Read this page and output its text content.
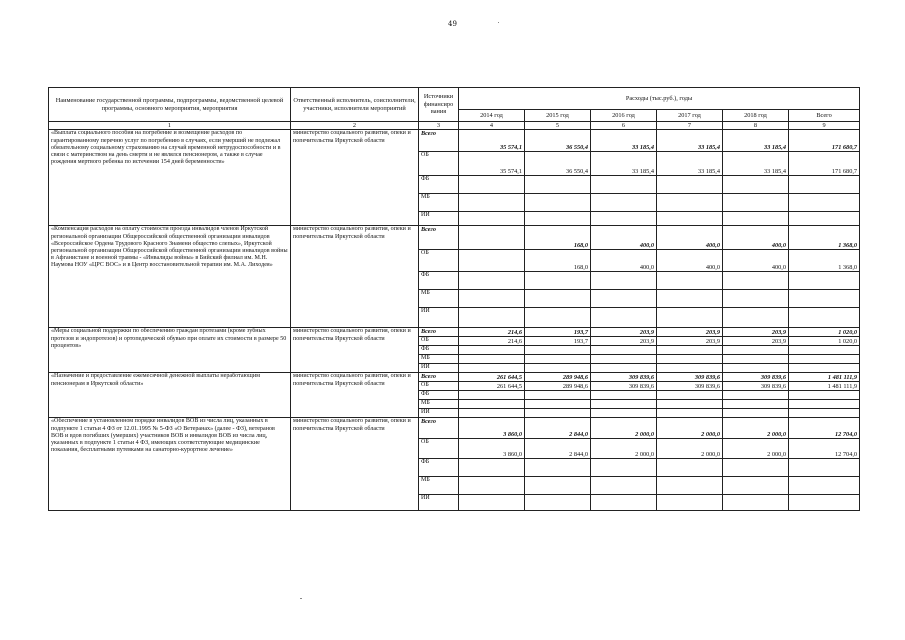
49
Наименование государственной программы, подпрограммы, ведомственной целевой программы, основного мероприятия, мероприятия	Ответственный исполнитель, соисполнители, участники, исполнители мероприятий	Источники финансиро вания	Расходы (тыс.руб.), годы					
			2014 год	2015 год	2016 год	2017 год	2018 год	Всего
1	2	3	4	5	6	7	8	9
«Выплата социального пособия на погребение и возмещение расходов по гарантированному перечню услуг по погребению в случаях, если умерший не подлежал обязательному социальному страхованию на случай временной нетрудоспособности и в связи с материнством на день смерти и не являлся пенсионером, а также в случае рождения мертвого ребенка по истечении 154 дней беременности»	министерство социального развития, опеки и попечительства Иркутской области	Всего	35 574,1	36 550,4	33 185,4	33 185,4	33 185,4	171 680,7
		ОБ	35 574,1	36 550,4	33 185,4	33 185,4	33 185,4	171 680,7
		ФБ						
		МБ						
		ИИ						
«Компенсация расходов на оплату стоимости проезда инвалидов членов Иркутской региональной организации Общероссийской общественной организации инвалидов «Всероссийское Ордена Трудового Красного Знамени общество слепых», Иркутской региональной организации Общероссийской общественной организации инвалидов войны в Афганистане и военной травмы - «Инвалиды войны» в Бийский филиал им. М.Н. Наумова НОУ «ЦРС ВОС» и в Центр восстановительной терапии им. М.А. Лиходея»	министерство социального развития, опеки и попечительства Иркутской области	Всего		168,0	400,0	400,0	400,0	1 368,0
		ОБ		168,0	400,0	400,0	400,0	1 368,0
		ФБ						
		МБ						
		ИИ						
«Меры социальной поддержки по обеспечению граждан протезами (кроме зубных протезов и эндопротезов) и ортопедической обувью при оплате их стоимости в размере 50 процентов»	министерство социального развития, опеки и попечительства Иркутской области	Всего	214,6	193,7	203,9	203,9	203,9	1 020,0
		ОБ	214,6	193,7	203,9	203,9	203,9	1 020,0
		ФБ						
		МБ						
		ИИ						
«Назначение и предоставление ежемесячной денежной выплаты неработающим пенсионерам в Иркутской области»	министерство социального развития, опеки и попечительства Иркутской области	Всего	261 644,5	289 948,6	309 839,6	309 839,6	309 839,6	1 481 111,9
		ОБ	261 644,5	289 948,6	309 839,6	309 839,6	309 839,6	1 481 111,9
		ФБ						
		МБ						
		ИИ						
«Обеспечение в установленном порядке инвалидов ВОВ из числа лиц, указанных в подпункте 1 статьи 4 ФЗ от 12.01.1995 № 5-ФЗ «О Ветеранах» (далее - ФЗ), ветеранов ВОВ и вдов погибших (умерших) участников ВОВ и инвалидов ВОВ из числа лиц, указанных в подпункте 1 статьи 4 ФЗ, имеющих соответствующие медицинские показания, бесплатными путевками на санаторно-курортное лечение»	министерство социального развития, опеки и попечительства Иркутской области	Всего	3 860,0	2 844,0	2 000,0	2 000,0	2 000,0	12 704,0
		ОБ	3 860,0	2 844,0	2 000,0	2 000,0	2 000,0	12 704,0
		ФБ						
		МБ						
		ИИ						
